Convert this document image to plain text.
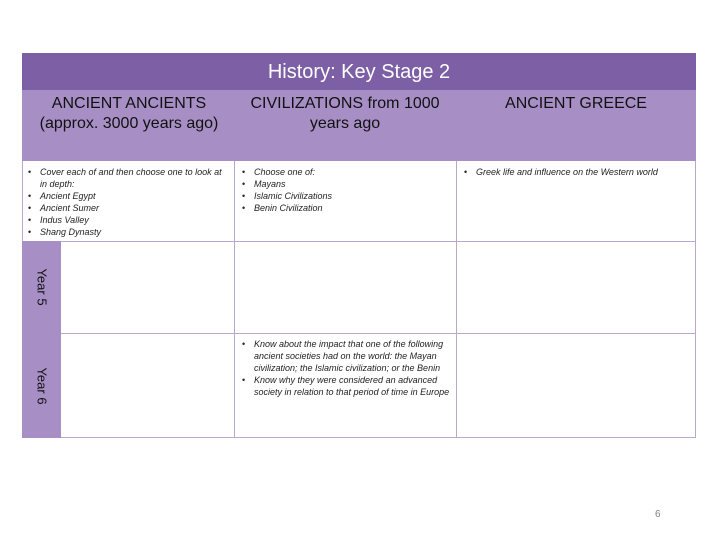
History: Key Stage 2
ANCIENT ANCIENTS (approx. 3000 years ago)
CIVILIZATIONS from 1000 years ago
ANCIENT GREECE
• Cover each of and then choose one to look at in depth:
• Ancient Egypt
• Ancient Sumer
• Indus Valley
• Shang Dynasty
• Choose one of:
• Mayans
• Islamic Civilizations
• Benin Civilization
• Greek life and influence on the Western world
Year 5
Year 6
• Know about the impact that one of the following ancient societies had on the world: the Mayan civilization; the Islamic civilization; or the Benin
• Know why they were considered an advanced society in relation to that period of time in Europe
6
